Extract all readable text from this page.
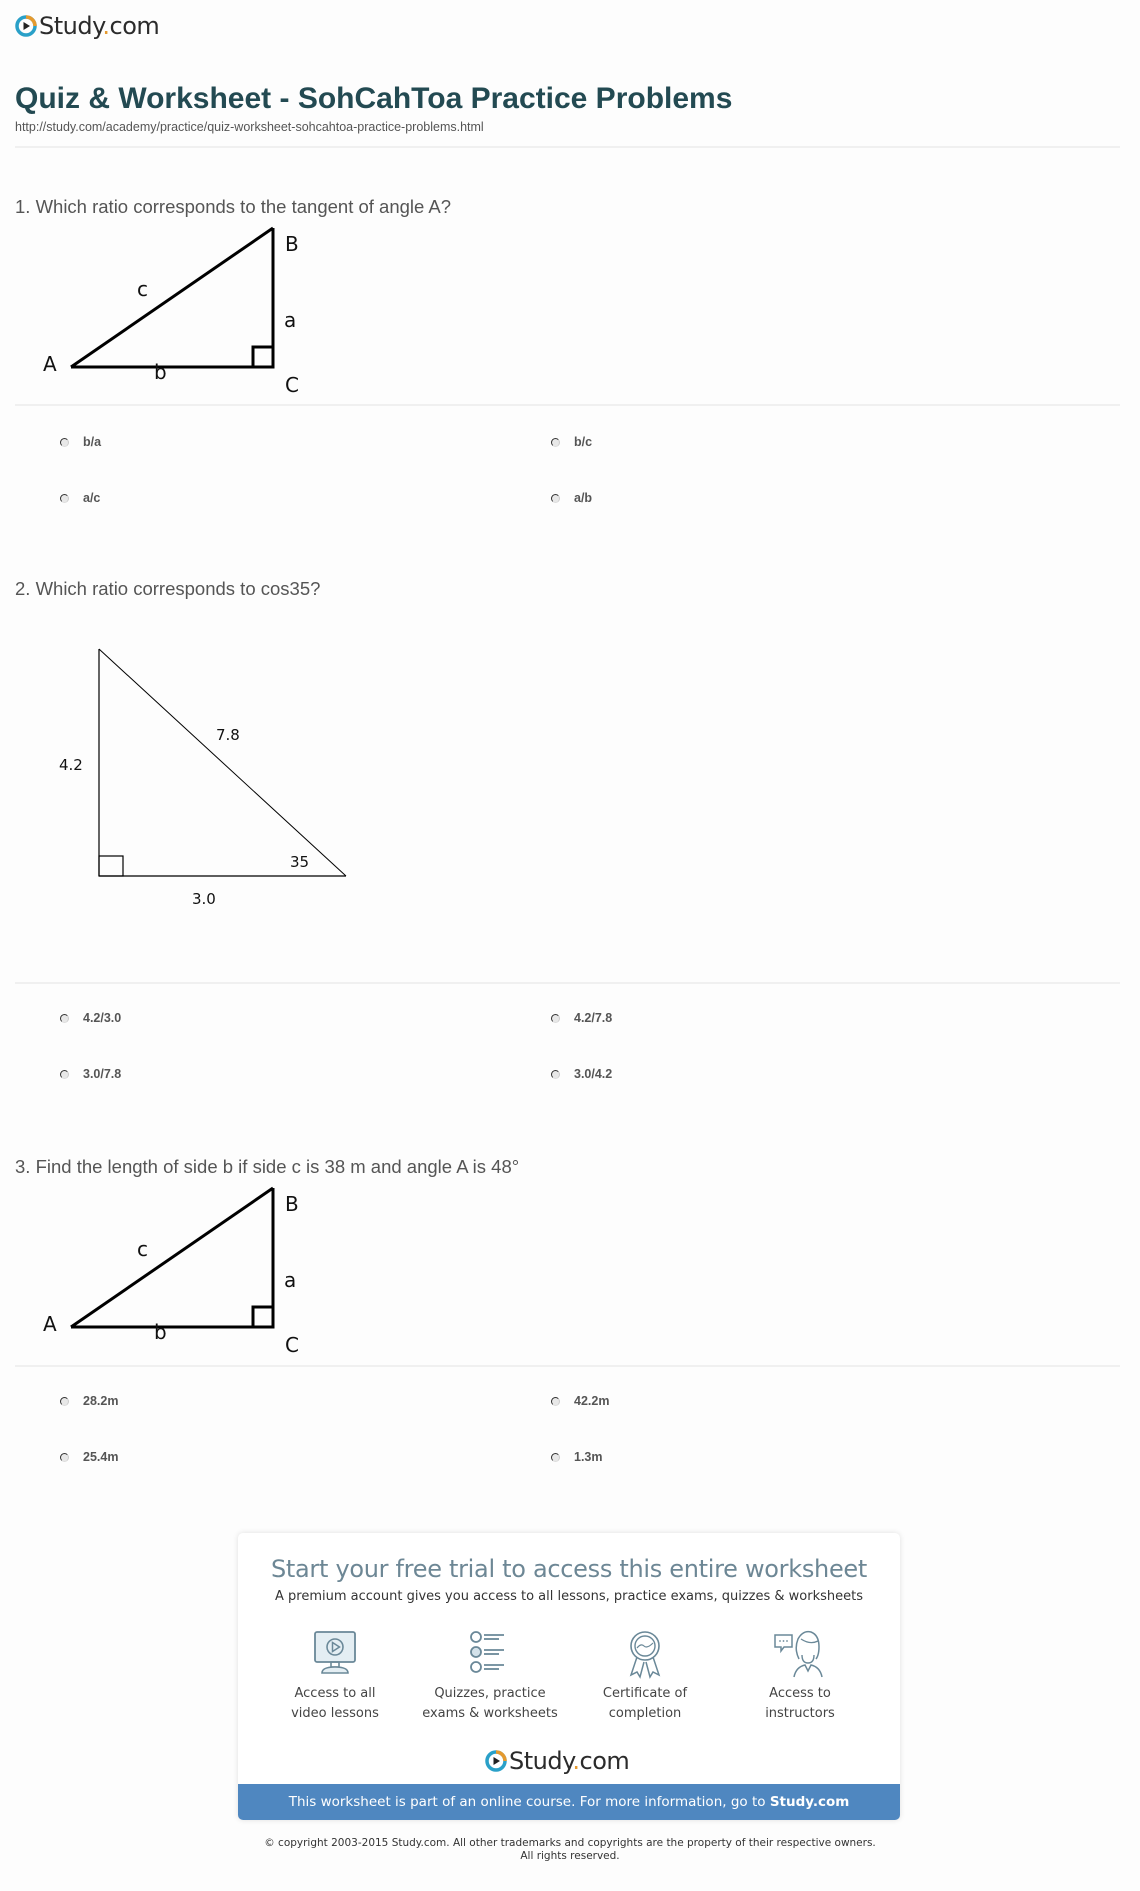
Study.com
Quiz & Worksheet - SohCahToa Practice Problems
http://study.com/academy/practice/quiz-worksheet-sohcahtoa-practice-problems.html
1. Which ratio corresponds to the tangent of angle A?
A
B
C
a
b
c
b/a	b/c
a/c	a/b
2. Which ratio corresponds to cos35?
4.2
7.8
35
3.0
4.2/3.0	4.2/7.8
3.0/7.8	3.0/4.2
3. Find the length of side b if side c is 38 m and angle A is 48°
A
B
C
a
b
c
28.2m	42.2m
25.4m	1.3m
Start your free trial to access this entire worksheet
A premium account gives you access to all lessons, practice exams, quizzes & worksheets
Access to all
video lessons
Quizzes, practice
exams & worksheets
Certificate of
completion
Access to
instructors
Study.com
This worksheet is part of an online course. For more information, go to Study.com
© copyright 2003-2015 Study.com. All other trademarks and copyrights are the property of their respective owners.
All rights reserved.
